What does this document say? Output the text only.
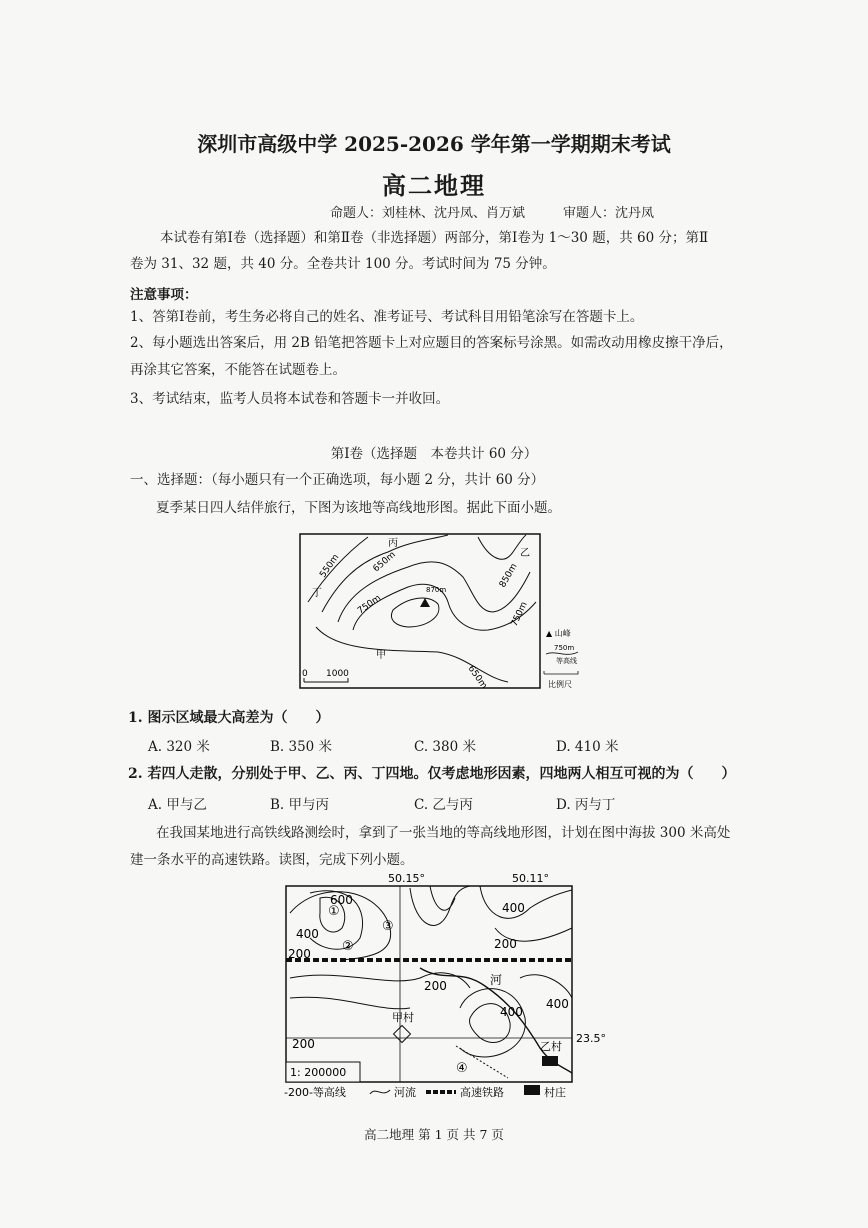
深圳市高级中学 2025-2026 学年第一学期期末考试
高二地理
命题人：刘桂林、沈丹凤、肖万斌	审题人：沈丹凤
本试卷有第Ⅰ卷（选择题）和第Ⅱ卷（非选择题）两部分，第Ⅰ卷为 1～30 题，共 60 分；第Ⅱ
卷为 31、32 题，共 40 分。全卷共计 100 分。考试时间为 75 分钟。
注意事项：
1、答第Ⅰ卷前，考生务必将自己的姓名、准考证号、考试科目用铅笔涂写在答题卡上。
2、每小题选出答案后，用 2B 铅笔把答题卡上对应题目的答案标号涂黑。如需改动用橡皮擦干净后，
再涂其它答案，不能答在试题卷上。
3、考试结束，监考人员将本试卷和答题卡一并收回。
第Ⅰ卷（选择题　本卷共计 60 分）
一、选择题：（每小题只有一个正确选项，每小题 2 分，共计 60 分）
夏季某日四人结伴旅行，下图为该地等高线地形图。据此下面小题。
550m	650m
750m
850m
750m
650m
870m
丙
乙
丁
甲
0 1000
▲ 山峰
750m
等高线
比例尺
1. 图示区域最大高差为（　　）
A. 320 米	B. 350 米	C. 380 米	D. 410 米
2. 若四人走散，分别处于甲、乙、丙、丁四地。仅考虑地形因素，四地两人相互可视的为（　　）
A. 甲与乙	B. 甲与丙	C. 乙与丙	D. 丙与丁
在我国某地进行高铁线路测绘时，拿到了一张当地的等高线地形图，计划在图中海拔 300 米高处
建一条水平的高速铁路。读图，完成下列小题。
50.15°	50.11°
600
400
200
400
200
200
400
400
200
①
②
③
④
河
甲村
乙村
23.5°
1: 200000
-200-等高线	河流	高速铁路	村庄
高二地理 第 1 页 共 7 页
